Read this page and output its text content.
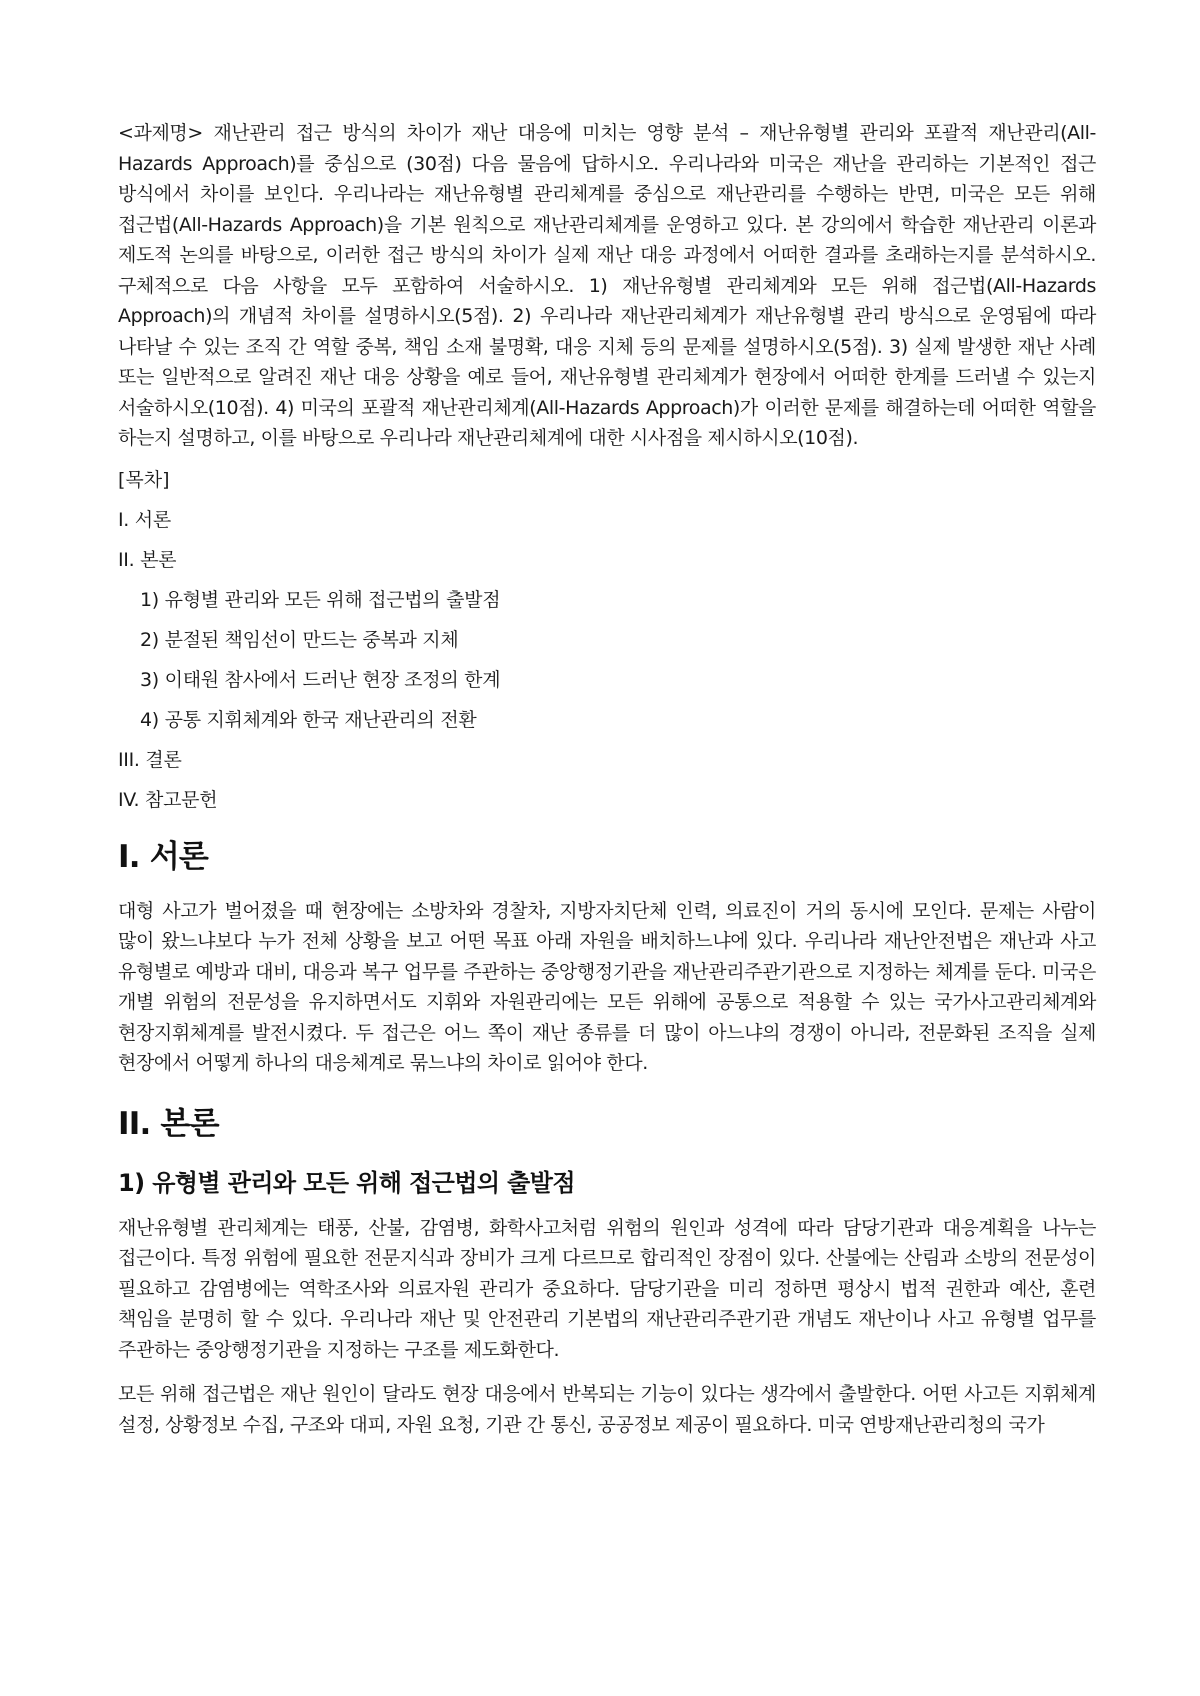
<과제명> 재난관리 접근 방식의 차이가 재난 대응에 미치는 영향 분석 – 재난유형별 관리와 포괄적 재난관리(All-Hazards Approach)를 중심으로 (30점) 다음 물음에 답하시오. 우리나라와 미국은 재난을 관리하는 기본적인 접근 방식에서 차이를 보인다. 우리나라는 재난유형별 관리체계를 중심으로 재난관리를 수행하는 반면, 미국은 모든 위해 접근법(All-Hazards Approach)을 기본 원칙으로 재난관리체계를 운영하고 있다. 본 강의에서 학습한 재난관리 이론과 제도적 논의를 바탕으로, 이러한 접근 방식의 차이가 실제 재난 대응 과정에서 어떠한 결과를 초래하는지를 분석하시오. 구체적으로 다음 사항을 모두 포함하여 서술하시오. 1) 재난유형별 관리체계와 모든 위해 접근법(All-Hazards Approach)의 개념적 차이를 설명하시오(5점). 2) 우리나라 재난관리체계가 재난유형별 관리 방식으로 운영됨에 따라 나타날 수 있는 조직 간 역할 중복, 책임 소재 불명확, 대응 지체 등의 문제를 설명하시오(5점). 3) 실제 발생한 재난 사례 또는 일반적으로 알려진 재난 대응 상황을 예로 들어, 재난유형별 관리체계가 현장에서 어떠한 한계를 드러낼 수 있는지 서술하시오(10점). 4) 미국의 포괄적 재난관리체계(All-Hazards Approach)가 이러한 문제를 해결하는데 어떠한 역할을 하는지 설명하고, 이를 바탕으로 우리나라 재난관리체계에 대한 시사점을 제시하시오(10점).

[목차]
I. 서론
II. 본론
1) 유형별 관리와 모든 위해 접근법의 출발점
2) 분절된 책임선이 만드는 중복과 지체
3) 이태원 참사에서 드러난 현장 조정의 한계
4) 공통 지휘체계와 한국 재난관리의 전환
III. 결론
IV. 참고문헌
I. 서론

대형 사고가 벌어졌을 때 현장에는 소방차와 경찰차, 지방자치단체 인력, 의료진이 거의 동시에 모인다. 문제는 사람이 많이 왔느냐보다 누가 전체 상황을 보고 어떤 목표 아래 자원을 배치하느냐에 있다. 우리나라 재난안전법은 재난과 사고 유형별로 예방과 대비, 대응과 복구 업무를 주관하는 중앙행정기관을 재난관리주관기관으로 지정하는 체계를 둔다. 미국은 개별 위험의 전문성을 유지하면서도 지휘와 자원관리에는 모든 위해에 공통으로 적용할 수 있는 국가사고관리체계와 현장지휘체계를 발전시켰다. 두 접근은 어느 쪽이 재난 종류를 더 많이 아느냐의 경쟁이 아니라, 전문화된 조직을 실제 현장에서 어떻게 하나의 대응체계로 묶느냐의 차이로 읽어야 한다.

II. 본론
1) 유형별 관리와 모든 위해 접근법의 출발점

재난유형별 관리체계는 태풍, 산불, 감염병, 화학사고처럼 위험의 원인과 성격에 따라 담당기관과 대응계획을 나누는 접근이다. 특정 위험에 필요한 전문지식과 장비가 크게 다르므로 합리적인 장점이 있다. 산불에는 산림과 소방의 전문성이 필요하고 감염병에는 역학조사와 의료자원 관리가 중요하다. 담당기관을 미리 정하면 평상시 법적 권한과 예산, 훈련 책임을 분명히 할 수 있다. 우리나라 재난 및 안전관리 기본법의 재난관리주관기관 개념도 재난이나 사고 유형별 업무를 주관하는 중앙행정기관을 지정하는 구조를 제도화한다.

모든 위해 접근법은 재난 원인이 달라도 현장 대응에서 반복되는 기능이 있다는 생각에서 출발한다. 어떤 사고든 지휘체계 설정, 상황정보 수집, 구조와 대피, 자원 요청, 기관 간 통신, 공공정보 제공이 필요하다. 미국 연방재난관리청의 국가
